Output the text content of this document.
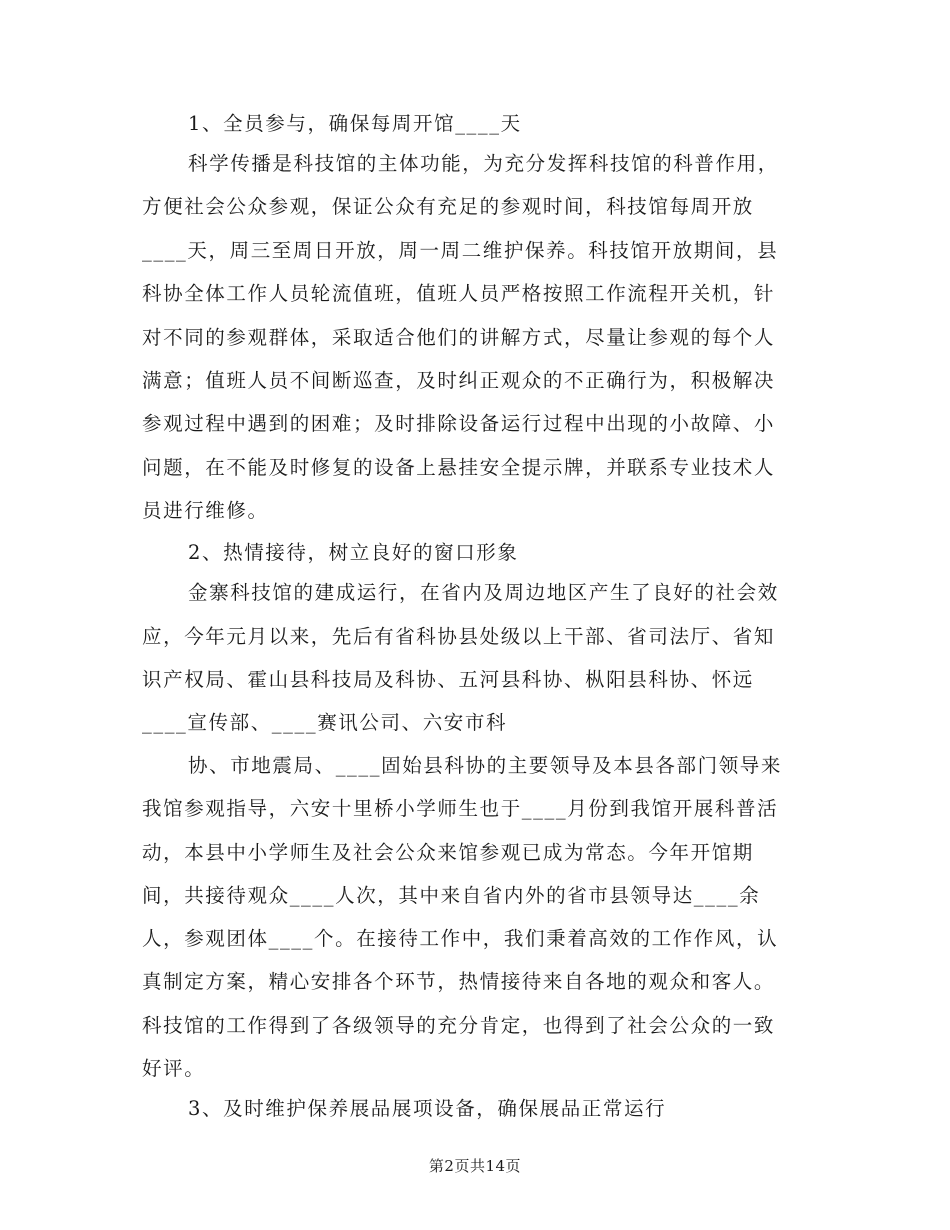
1、全员参与，确保每周开馆____天
科学传播是科技馆的主体功能，为充分发挥科技馆的科普作用，
方便社会公众参观，保证公众有充足的参观时间，科技馆每周开放
____天，周三至周日开放，周一周二维护保养。科技馆开放期间，县
科协全体工作人员轮流值班，值班人员严格按照工作流程开关机，针
对不同的参观群体，采取适合他们的讲解方式，尽量让参观的每个人
满意；值班人员不间断巡查，及时纠正观众的不正确行为，积极解决
参观过程中遇到的困难；及时排除设备运行过程中出现的小故障、小
问题，在不能及时修复的设备上悬挂安全提示牌，并联系专业技术人
员进行维修。
2、热情接待，树立良好的窗口形象
金寨科技馆的建成运行，在省内及周边地区产生了良好的社会效
应，今年元月以来，先后有省科协县处级以上干部、省司法厅、省知
识产权局、霍山县科技局及科协、五河县科协、枞阳县科协、怀远
____宣传部、____赛讯公司、六安市科
协、市地震局、____固始县科协的主要领导及本县各部门领导来
我馆参观指导，六安十里桥小学师生也于____月份到我馆开展科普活
动，本县中小学师生及社会公众来馆参观已成为常态。今年开馆期
间，共接待观众____人次，其中来自省内外的省市县领导达____余
人，参观团体____个。在接待工作中，我们秉着高效的工作作风，认
真制定方案，精心安排各个环节，热情接待来自各地的观众和客人。
科技馆的工作得到了各级领导的充分肯定，也得到了社会公众的一致
好评。
3、及时维护保养展品展项设备，确保展品正常运行
第2页共14页
